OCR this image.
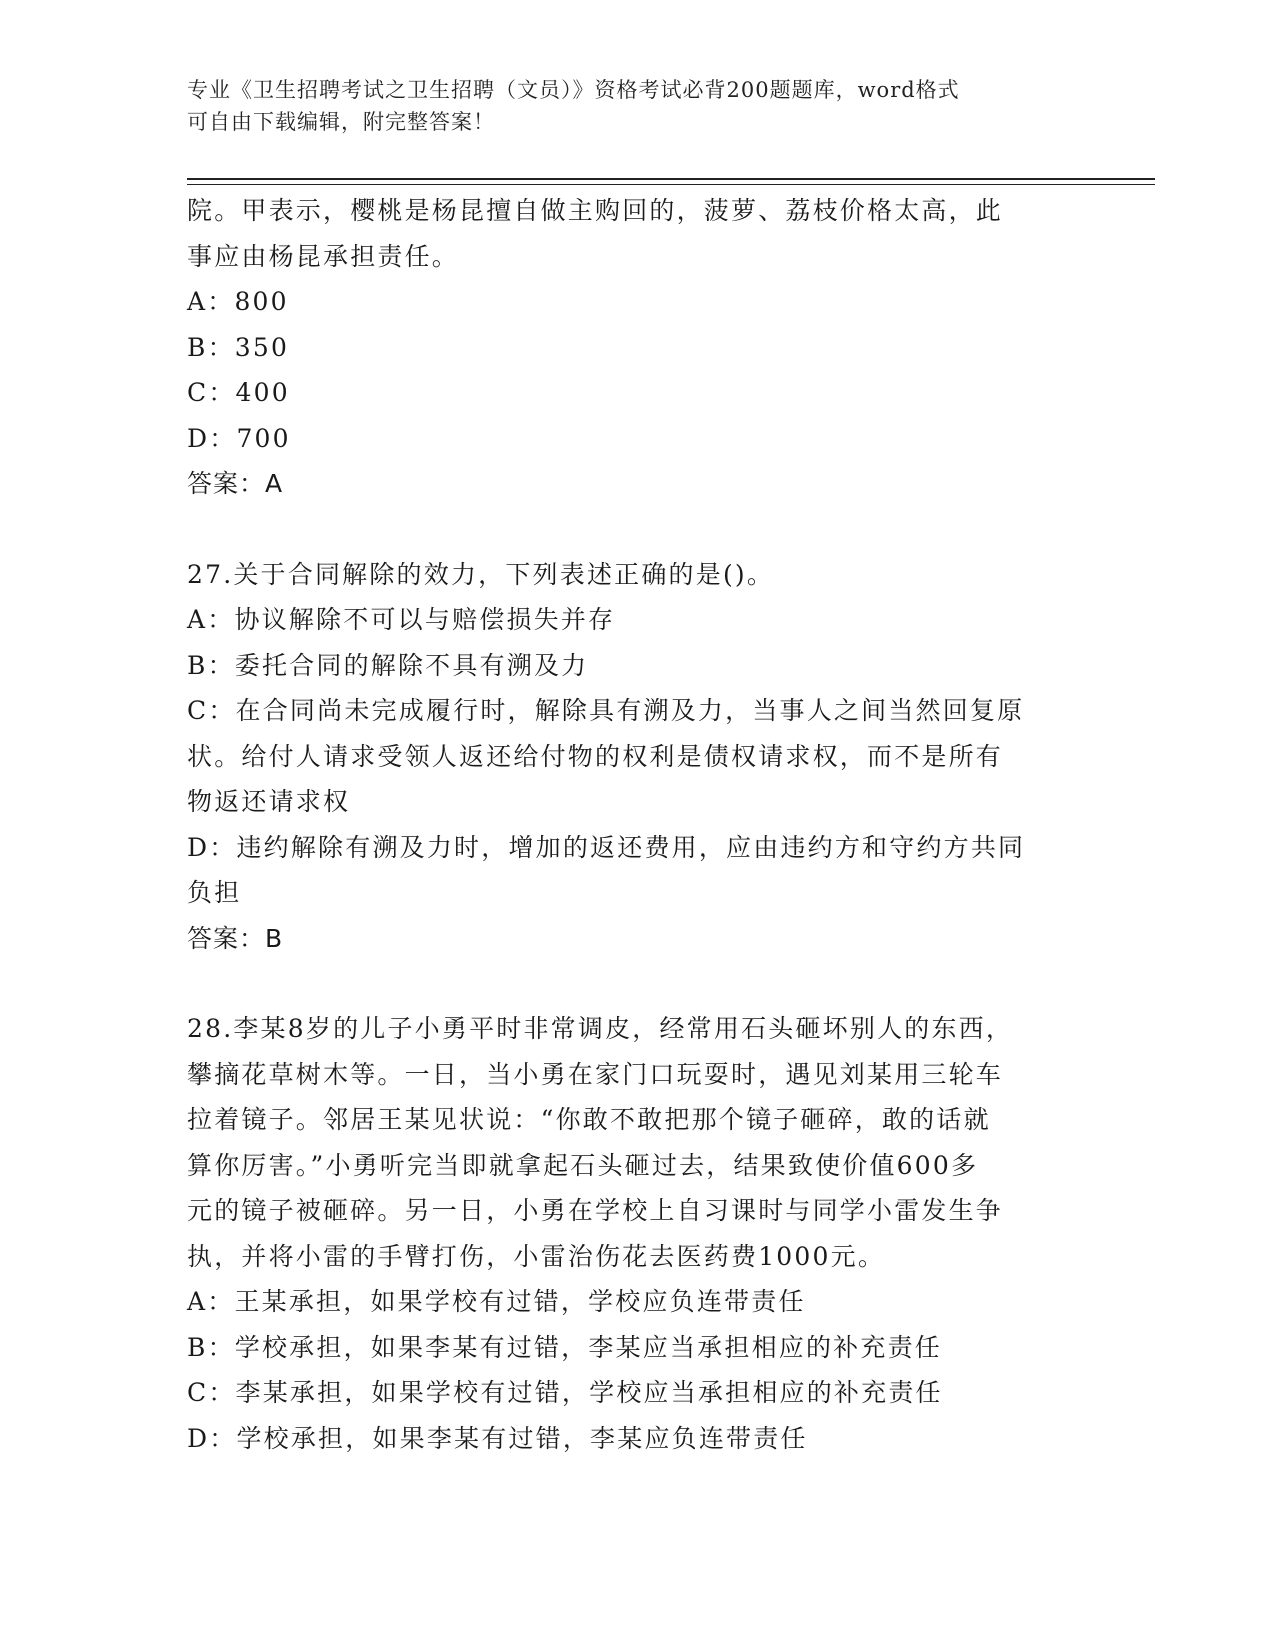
专业《卫生招聘考试之卫生招聘（文员）》资格考试必背200题题库，word格式
可自由下载编辑，附完整答案！

院。甲表示，樱桃是杨昆擅自做主购回的，菠萝、荔枝价格太高，此

事应由杨昆承担责任。

A：800

B：350

C：400

D：700

答案：A

27.关于合同解除的效力，下列表述正确的是()。

A：协议解除不可以与赔偿损失并存

B：委托合同的解除不具有溯及力

C：在合同尚未完成履行时，解除具有溯及力，当事人之间当然回复原

状。给付人请求受领人返还给付物的权利是债权请求权，而不是所有

物返还请求权

D：违约解除有溯及力时，增加的返还费用，应由违约方和守约方共同

负担

答案：B

28.李某8岁的儿子小勇平时非常调皮，经常用石头砸坏别人的东西，

攀摘花草树木等。一日，当小勇在家门口玩耍时，遇见刘某用三轮车

拉着镜子。邻居王某见状说：“你敢不敢把那个镜子砸碎，敢的话就

算你厉害。”小勇听完当即就拿起石头砸过去，结果致使价值600多

元的镜子被砸碎。另一日，小勇在学校上自习课时与同学小雷发生争

执，并将小雷的手臂打伤，小雷治伤花去医药费1000元。

A：王某承担，如果学校有过错，学校应负连带责任

B：学校承担，如果李某有过错，李某应当承担相应的补充责任

C：李某承担，如果学校有过错，学校应当承担相应的补充责任

D：学校承担，如果李某有过错，李某应负连带责任
